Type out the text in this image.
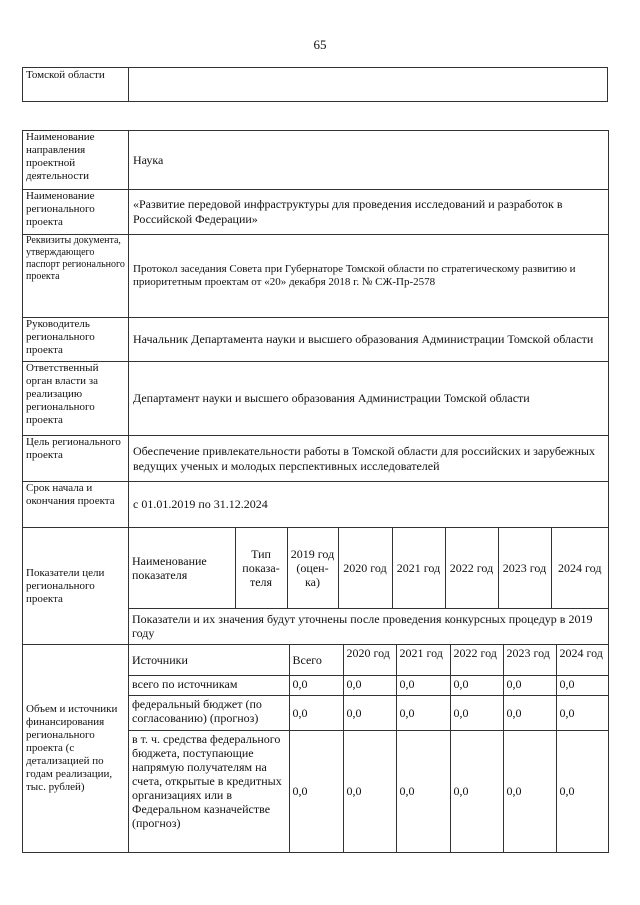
65
Томской области	
Наименование направления проектной деятельности	Наука
Наименование регионального проекта	«Развитие передовой инфраструктуры для проведения исследований и разработок в Российской Федерации»
Реквизиты документа, утверждающего паспорт регионального проекта	Протокол заседания Совета при Губернаторе Томской области по стратегическому развитию и приоритетным проектам от «20» декабря 2018 г. № СЖ-Пр-2578
Руководитель регионального проекта	Начальник Департамента науки и высшего образования Администрации Томской области
Ответственный орган власти за реализацию регионального проекта	Департамент науки и высшего образования Администрации Томской области
Цель регионального проекта	Обеспечение привлекательности работы в Томской области для российских и зарубежных ведущих ученых и молодых перспективных исследователей
Срок начала и окончания проекта	с 01.01.2019 по 31.12.2024
Показатели цели регионального проекта	
Наименование показателя	Тип показа-теля	2019 год (оцен-ка)	2020 год	2021 год	2022 год	2023 год	2024 год
Показатели и их значения будут уточнены после проведения конкурсных процедур в 2019 году

Объем и источники финансирования регионального проекта (с детализацией по годам реализации, тыс. рублей)	
Источники	Всего	2020 год	2021 год	2022 год	2023 год	2024 год
всего по источникам	0,0	0,0	0,0	0,0	0,0	0,0
федеральный бюджет (по согласованию) (прогноз)	0,0	0,0	0,0	0,0	0,0	0,0
в т. ч. средства федерального бюджета, поступающие напрямую получателям на счета, открытые в кредитных организациях или в Федеральном казначействе (прогноз)	0,0	0,0	0,0	0,0	0,0	0,0
